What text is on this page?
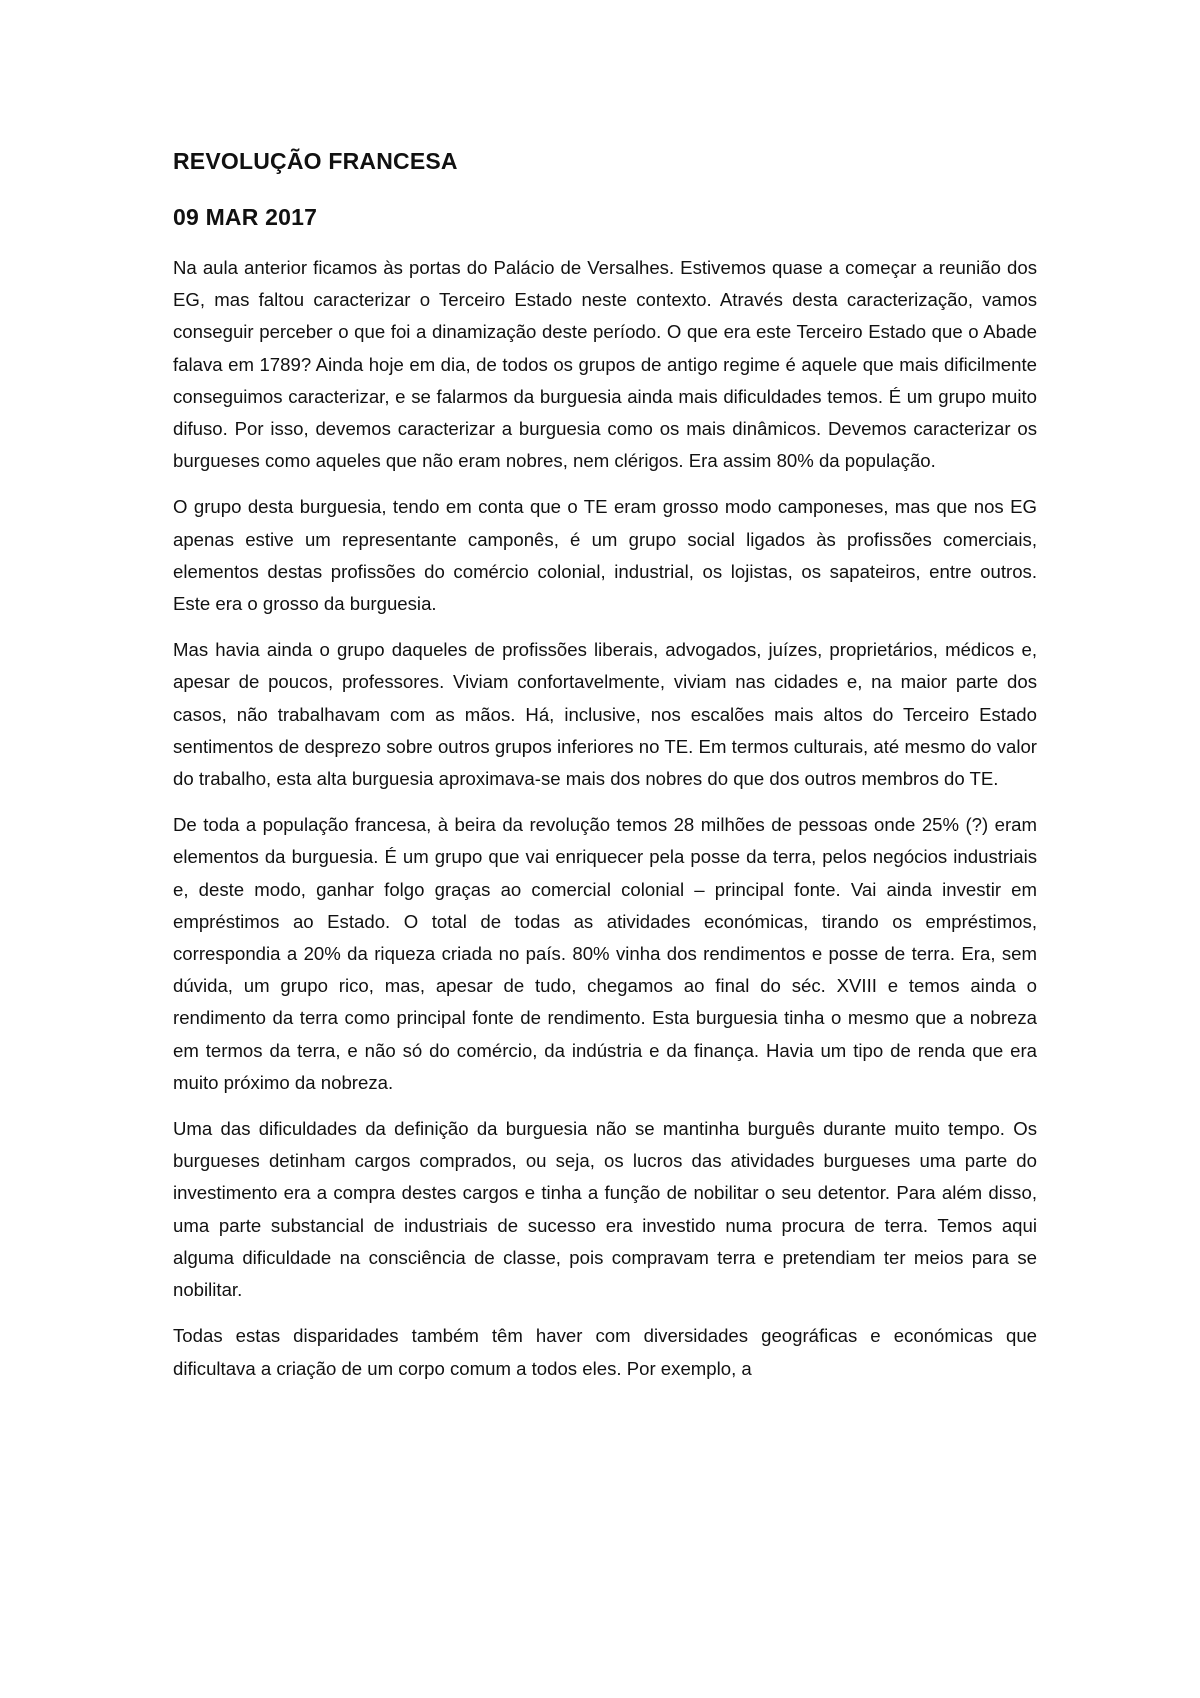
REVOLUÇÃO FRANCESA
09 MAR 2017

Na aula anterior ficamos às portas do Palácio de Versalhes. Estivemos quase a começar a reunião dos EG, mas faltou caracterizar o Terceiro Estado neste contexto. Através desta caracterização, vamos conseguir perceber o que foi a dinamização deste período. O que era este Terceiro Estado que o Abade falava em 1789? Ainda hoje em dia, de todos os grupos de antigo regime é aquele que mais dificilmente conseguimos caracterizar, e se falarmos da burguesia ainda mais dificuldades temos. É um grupo muito difuso. Por isso, devemos caracterizar a burguesia como os mais dinâmicos. Devemos caracterizar os burgueses como aqueles que não eram nobres, nem clérigos. Era assim 80% da população.

O grupo desta burguesia, tendo em conta que o TE eram grosso modo camponeses, mas que nos EG apenas estive um representante camponês, é um grupo social ligados às profissões comerciais, elementos destas profissões do comércio colonial, industrial, os lojistas, os sapateiros, entre outros. Este era o grosso da burguesia.

Mas havia ainda o grupo daqueles de profissões liberais, advogados, juízes, proprietários, médicos e, apesar de poucos, professores. Viviam confortavelmente, viviam nas cidades e, na maior parte dos casos, não trabalhavam com as mãos. Há, inclusive, nos escalões mais altos do Terceiro Estado sentimentos de desprezo sobre outros grupos inferiores no TE. Em termos culturais, até mesmo do valor do trabalho, esta alta burguesia aproximava-se mais dos nobres do que dos outros membros do TE.

De toda a população francesa, à beira da revolução temos 28 milhões de pessoas onde 25% (?) eram elementos da burguesia. É um grupo que vai enriquecer pela posse da terra, pelos negócios industriais e, deste modo, ganhar folgo graças ao comercial colonial – principal fonte. Vai ainda investir em empréstimos ao Estado. O total de todas as atividades económicas, tirando os empréstimos, correspondia a 20% da riqueza criada no país. 80% vinha dos rendimentos e posse de terra. Era, sem dúvida, um grupo rico, mas, apesar de tudo, chegamos ao final do séc. XVIII e temos ainda o rendimento da terra como principal fonte de rendimento. Esta burguesia tinha o mesmo que a nobreza em termos da terra, e não só do comércio, da indústria e da finança. Havia um tipo de renda que era muito próximo da nobreza.

Uma das dificuldades da definição da burguesia não se mantinha burguês durante muito tempo. Os burgueses detinham cargos comprados, ou seja, os lucros das atividades burgueses uma parte do investimento era a compra destes cargos e tinha a função de nobilitar o seu detentor. Para além disso, uma parte substancial de industriais de sucesso era investido numa procura de terra. Temos aqui alguma dificuldade na consciência de classe, pois compravam terra e pretendiam ter meios para se nobilitar.

Todas estas disparidades também têm haver com diversidades geográficas e económicas que dificultava a criação de um corpo comum a todos eles. Por exemplo, a
